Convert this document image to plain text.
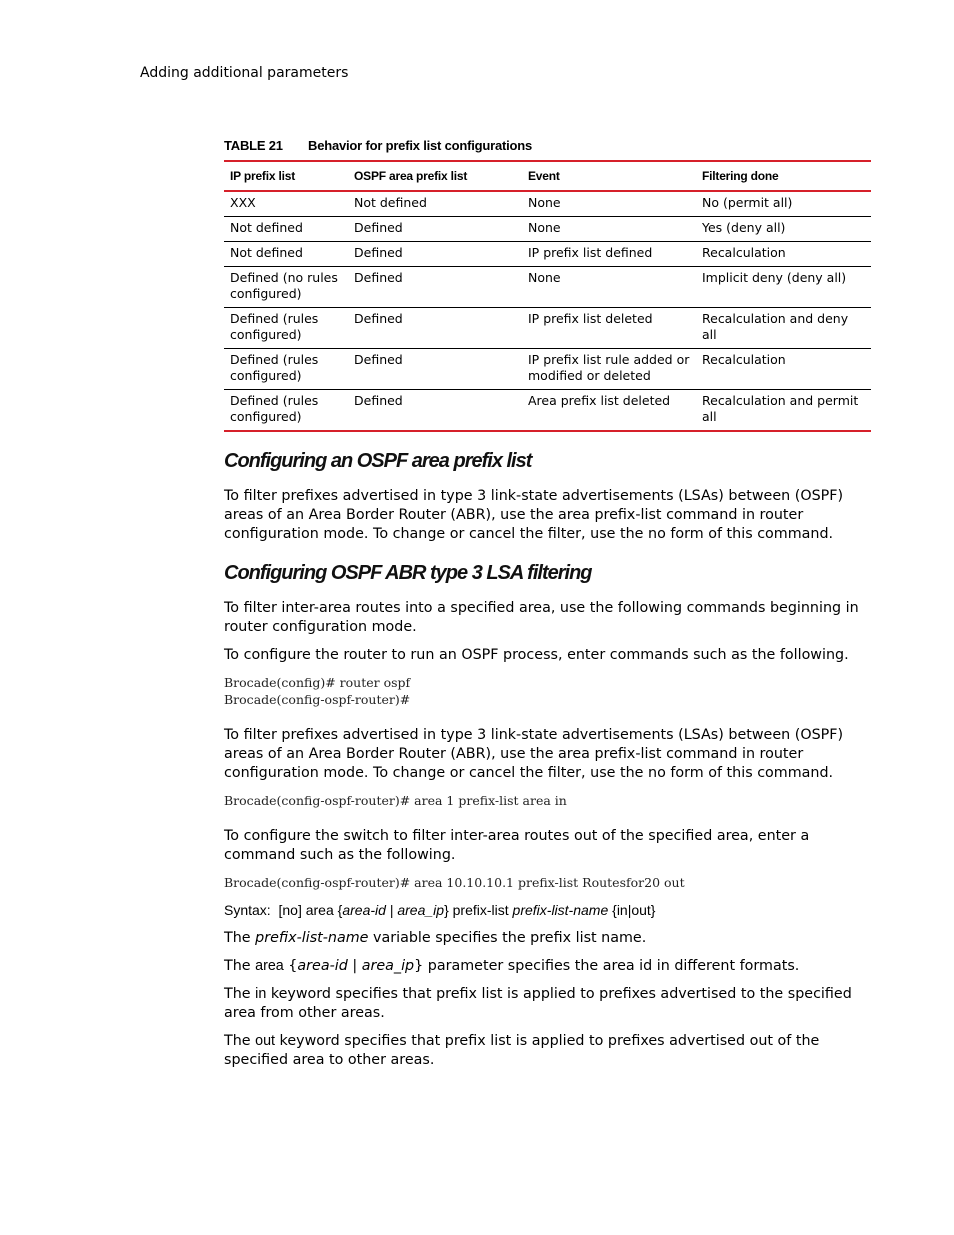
Adding additional parameters
TABLE 21 Behavior for prefix list configurations
IP prefix list	OSPF area prefix list	Event	Filtering done
XXX	Not defined	None	No (permit all)
Not defined	Defined	None	Yes (deny all)
Not defined	Defined	IP prefix list defined	Recalculation
Defined (no rules configured)	Defined	None	Implicit deny (deny all)
Defined (rules configured)	Defined	IP prefix list deleted	Recalculation and deny all
Defined (rules configured)	Defined	IP prefix list rule added or modified or deleted	Recalculation
Defined (rules configured)	Defined	Area prefix list deleted	Recalculation and permit all
Configuring an OSPF area prefix list

To filter prefixes advertised in type 3 link-state advertisements (LSAs) between (OSPF) areas of an Area Border Router (ABR), use the area prefix-list command in router configuration mode. To change or cancel the filter, use the no form of this command.

Configuring OSPF ABR type 3 LSA filtering

To filter inter-area routes into a specified area, use the following commands beginning in router configuration mode.

To configure the router to run an OSPF process, enter commands such as the following.

Brocade(config)# router ospf
Brocade(config-ospf-router)#

To filter prefixes advertised in type 3 link-state advertisements (LSAs) between (OSPF) areas of an Area Border Router (ABR), use the area prefix-list command in router configuration mode. To change or cancel the filter, use the no form of this command.

Brocade(config-ospf-router)# area 1 prefix-list area in

To configure the switch to filter inter-area routes out of the specified area, enter a command such as the following.

Brocade(config-ospf-router)# area 10.10.10.1 prefix-list Routesfor20 out

Syntax: [no] area {area-id | area_ip} prefix-list prefix-list-name {in|out}

The prefix-list-name variable specifies the prefix list name.

The area {area-id | area_ip} parameter specifies the area id in different formats.

The in keyword specifies that prefix list is applied to prefixes advertised to the specified area from other areas.

The out keyword specifies that prefix list is applied to prefixes advertised out of the specified area to other areas.
